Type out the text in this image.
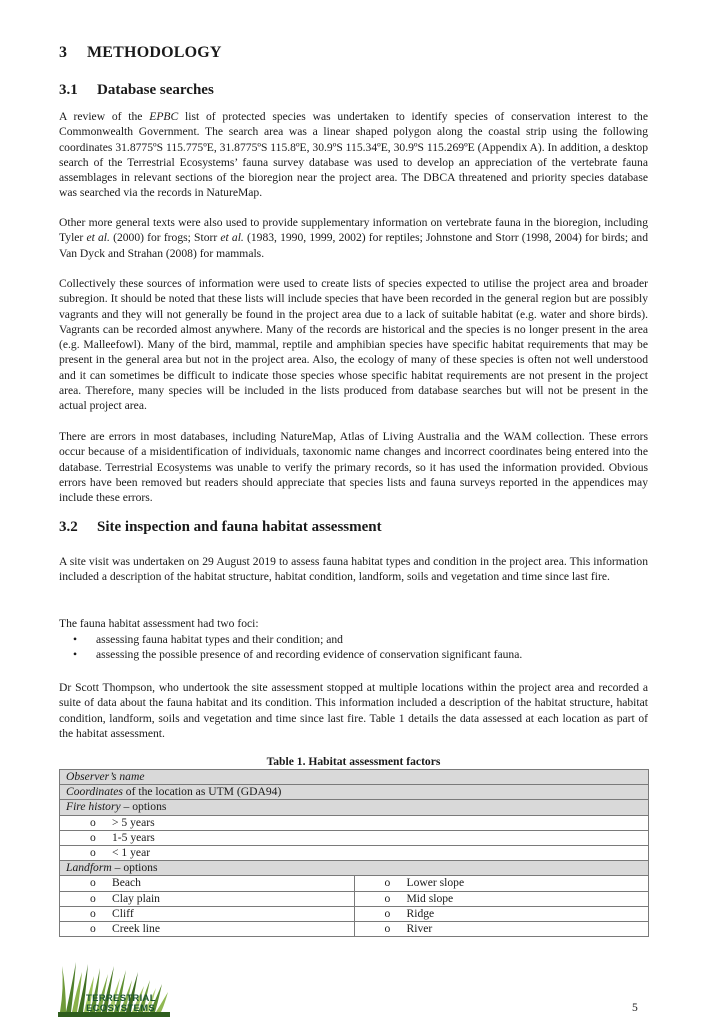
3 METHODOLOGY
3.1 Database searches

A review of the EPBC list of protected species was undertaken to identify species of conservation interest to the Commonwealth Government. The search area was a linear shaped polygon along the coastal strip using the following coordinates 31.8775ºS 115.775ºE, 31.8775ºS 115.8ºE, 30.9ºS 115.34ºE, 30.9ºS 115.269ºE (Appendix A). In addition, a desktop search of the Terrestrial Ecosystems’ fauna survey database was used to develop an appreciation of the vertebrate fauna assemblages in relevant sections of the bioregion near the project area. The DBCA threatened and priority species database was searched via the records in NatureMap.

Other more general texts were also used to provide supplementary information on vertebrate fauna in the bioregion, including Tyler et al. (2000) for frogs; Storr et al. (1983, 1990, 1999, 2002) for reptiles; Johnstone and Storr (1998, 2004) for birds; and Van Dyck and Strahan (2008) for mammals.

Collectively these sources of information were used to create lists of species expected to utilise the project area and broader subregion. It should be noted that these lists will include species that have been recorded in the general region but are possibly vagrants and they will not generally be found in the project area due to a lack of suitable habitat (e.g. water and shore birds). Vagrants can be recorded almost anywhere. Many of the records are historical and the species is no longer present in the area (e.g. Malleefowl). Many of the bird, mammal, reptile and amphibian species have specific habitat requirements that may be present in the general area but not in the project area. Also, the ecology of many of these species is often not well understood and it can sometimes be difficult to indicate those species whose specific habitat requirements are not present in the project area. Therefore, many species will be included in the lists produced from database searches but will not be present in the actual project area.

There are errors in most databases, including NatureMap, Atlas of Living Australia and the WAM collection. These errors occur because of a misidentification of individuals, taxonomic name changes and incorrect coordinates being entered into the database. Terrestrial Ecosystems was unable to verify the primary records, so it has used the information provided. Obvious errors have been removed but readers should appreciate that species lists and fauna surveys reported in the appendices may include these errors.

3.2 Site inspection and fauna habitat assessment

A site visit was undertaken on 29 August 2019 to assess fauna habitat types and condition in the project area. This information included a description of the habitat structure, habitat condition, landform, soils and vegetation and time since last fire.

The fauna habitat assessment had two foci:

• assessing fauna habitat types and their condition; and
• assessing the possible presence of and recording evidence of conservation significant fauna.

Dr Scott Thompson, who undertook the site assessment stopped at multiple locations within the project area and recorded a suite of data about the fauna habitat and its condition. This information included a description of the habitat structure, habitat condition, landform, soils and vegetation and time since last fire. Table 1 details the data assessed at each location as part of the habitat assessment.

Table 1. Habitat assessment factors
Observer’s name	
Coordinates of the location as UTM (GDA94)	
Fire history – options	
o > 5 years	
o 1-5 years	
o < 1 year	
Landform – options	
o Beach	o Lower slope
o Clay plain	o Mid slope
o Cliff	o Ridge
o Creek line	o River
TERRESTRIAL
ECOSYSTEMS	5
